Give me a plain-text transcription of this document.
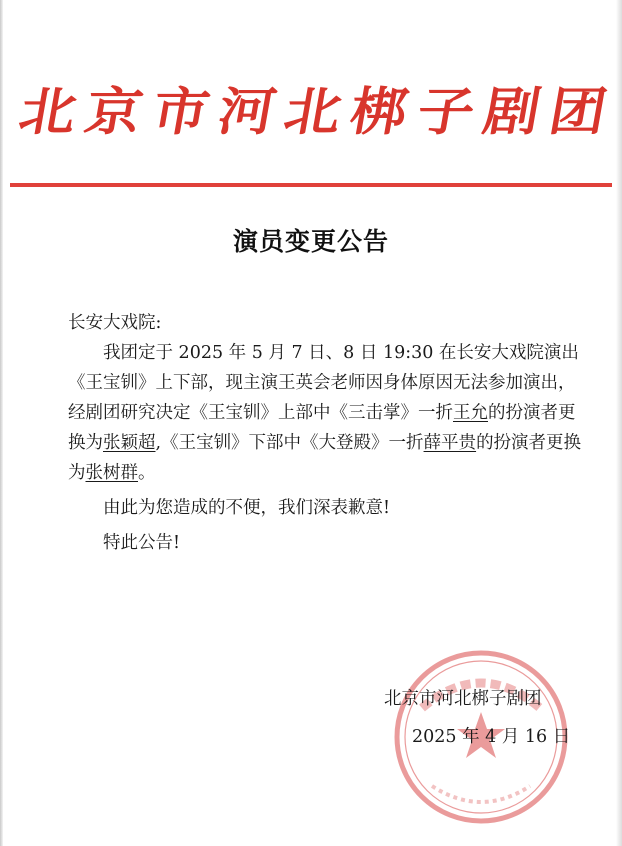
北 京 市 河 北 梆 子 剧 团
演员变更公告

长安大戏院:

我团定于 2025 年 5 月 7 日、8 日 19:30 在长安大戏院演出《王宝钏》上下部，现主演王英会老师因身体原因无法参加演出，经剧团研究决定《王宝钏》上部中《三击掌》一折王允的扮演者更换为张颖超,《王宝钏》下部中《大登殿》一折薛平贵的扮演者更换为张树群。

由此为您造成的不便，我们深表歉意!

特此公告!

北京市河北梆子剧团
2025 年 4 月 16 日
